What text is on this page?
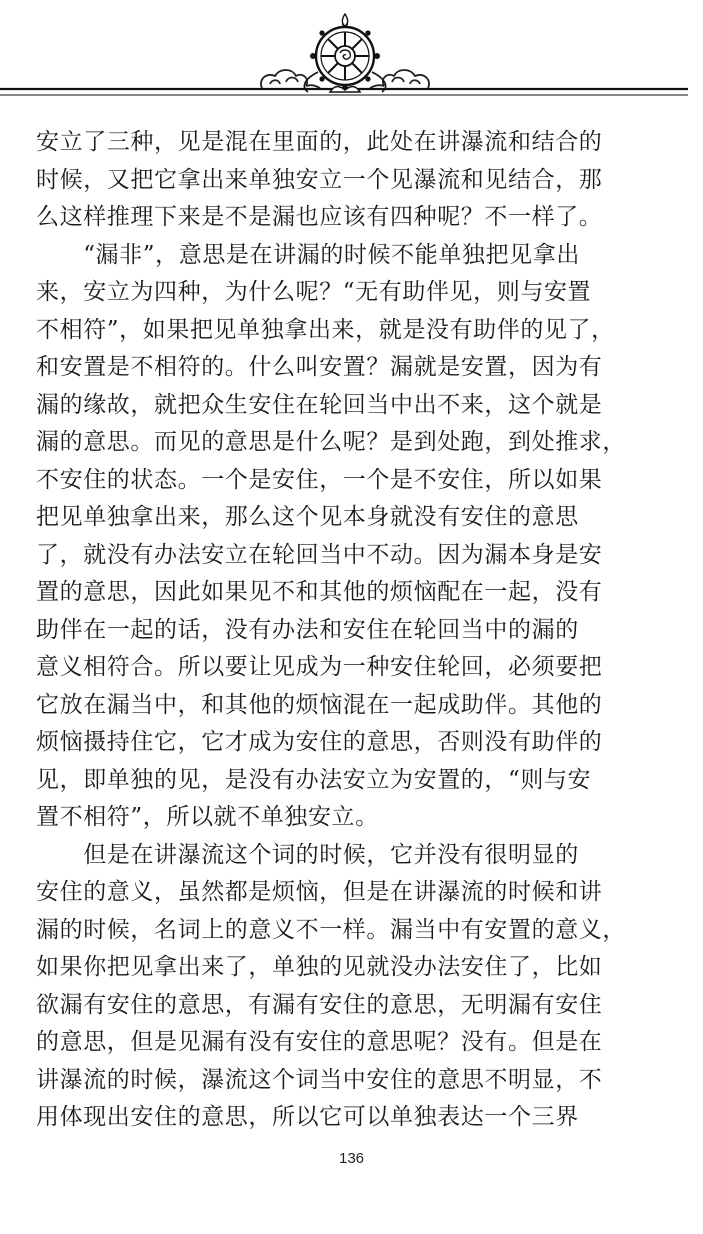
安立了三种，见是混在里面的，此处在讲瀑流和结合的
时候，又把它拿出来单独安立一个见瀑流和见结合，那
么这样推理下来是不是漏也应该有四种呢？不一样了。
　　“漏非”，意思是在讲漏的时候不能单独把见拿出
来，安立为四种，为什么呢？“无有助伴见，则与安置
不相符”，如果把见单独拿出来，就是没有助伴的见了，
和安置是不相符的。什么叫安置？漏就是安置，因为有
漏的缘故，就把众生安住在轮回当中出不来，这个就是
漏的意思。而见的意思是什么呢？是到处跑，到处推求，
不安住的状态。一个是安住，一个是不安住，所以如果
把见单独拿出来，那么这个见本身就没有安住的意思
了，就没有办法安立在轮回当中不动。因为漏本身是安
置的意思，因此如果见不和其他的烦恼配在一起，没有
助伴在一起的话，没有办法和安住在轮回当中的漏的
意义相符合。所以要让见成为一种安住轮回，必须要把
它放在漏当中，和其他的烦恼混在一起成助伴。其他的
烦恼摄持住它，它才成为安住的意思，否则没有助伴的
见，即单独的见，是没有办法安立为安置的，“则与安
置不相符”，所以就不单独安立。
　　但是在讲瀑流这个词的时候，它并没有很明显的
安住的意义，虽然都是烦恼，但是在讲瀑流的时候和讲
漏的时候，名词上的意义不一样。漏当中有安置的意义，
如果你把见拿出来了，单独的见就没办法安住了，比如
欲漏有安住的意思，有漏有安住的意思，无明漏有安住
的意思，但是见漏有没有安住的意思呢？没有。但是在
讲瀑流的时候，瀑流这个词当中安住的意思不明显，不
用体现出安住的意思，所以它可以单独表达一个三界
136
